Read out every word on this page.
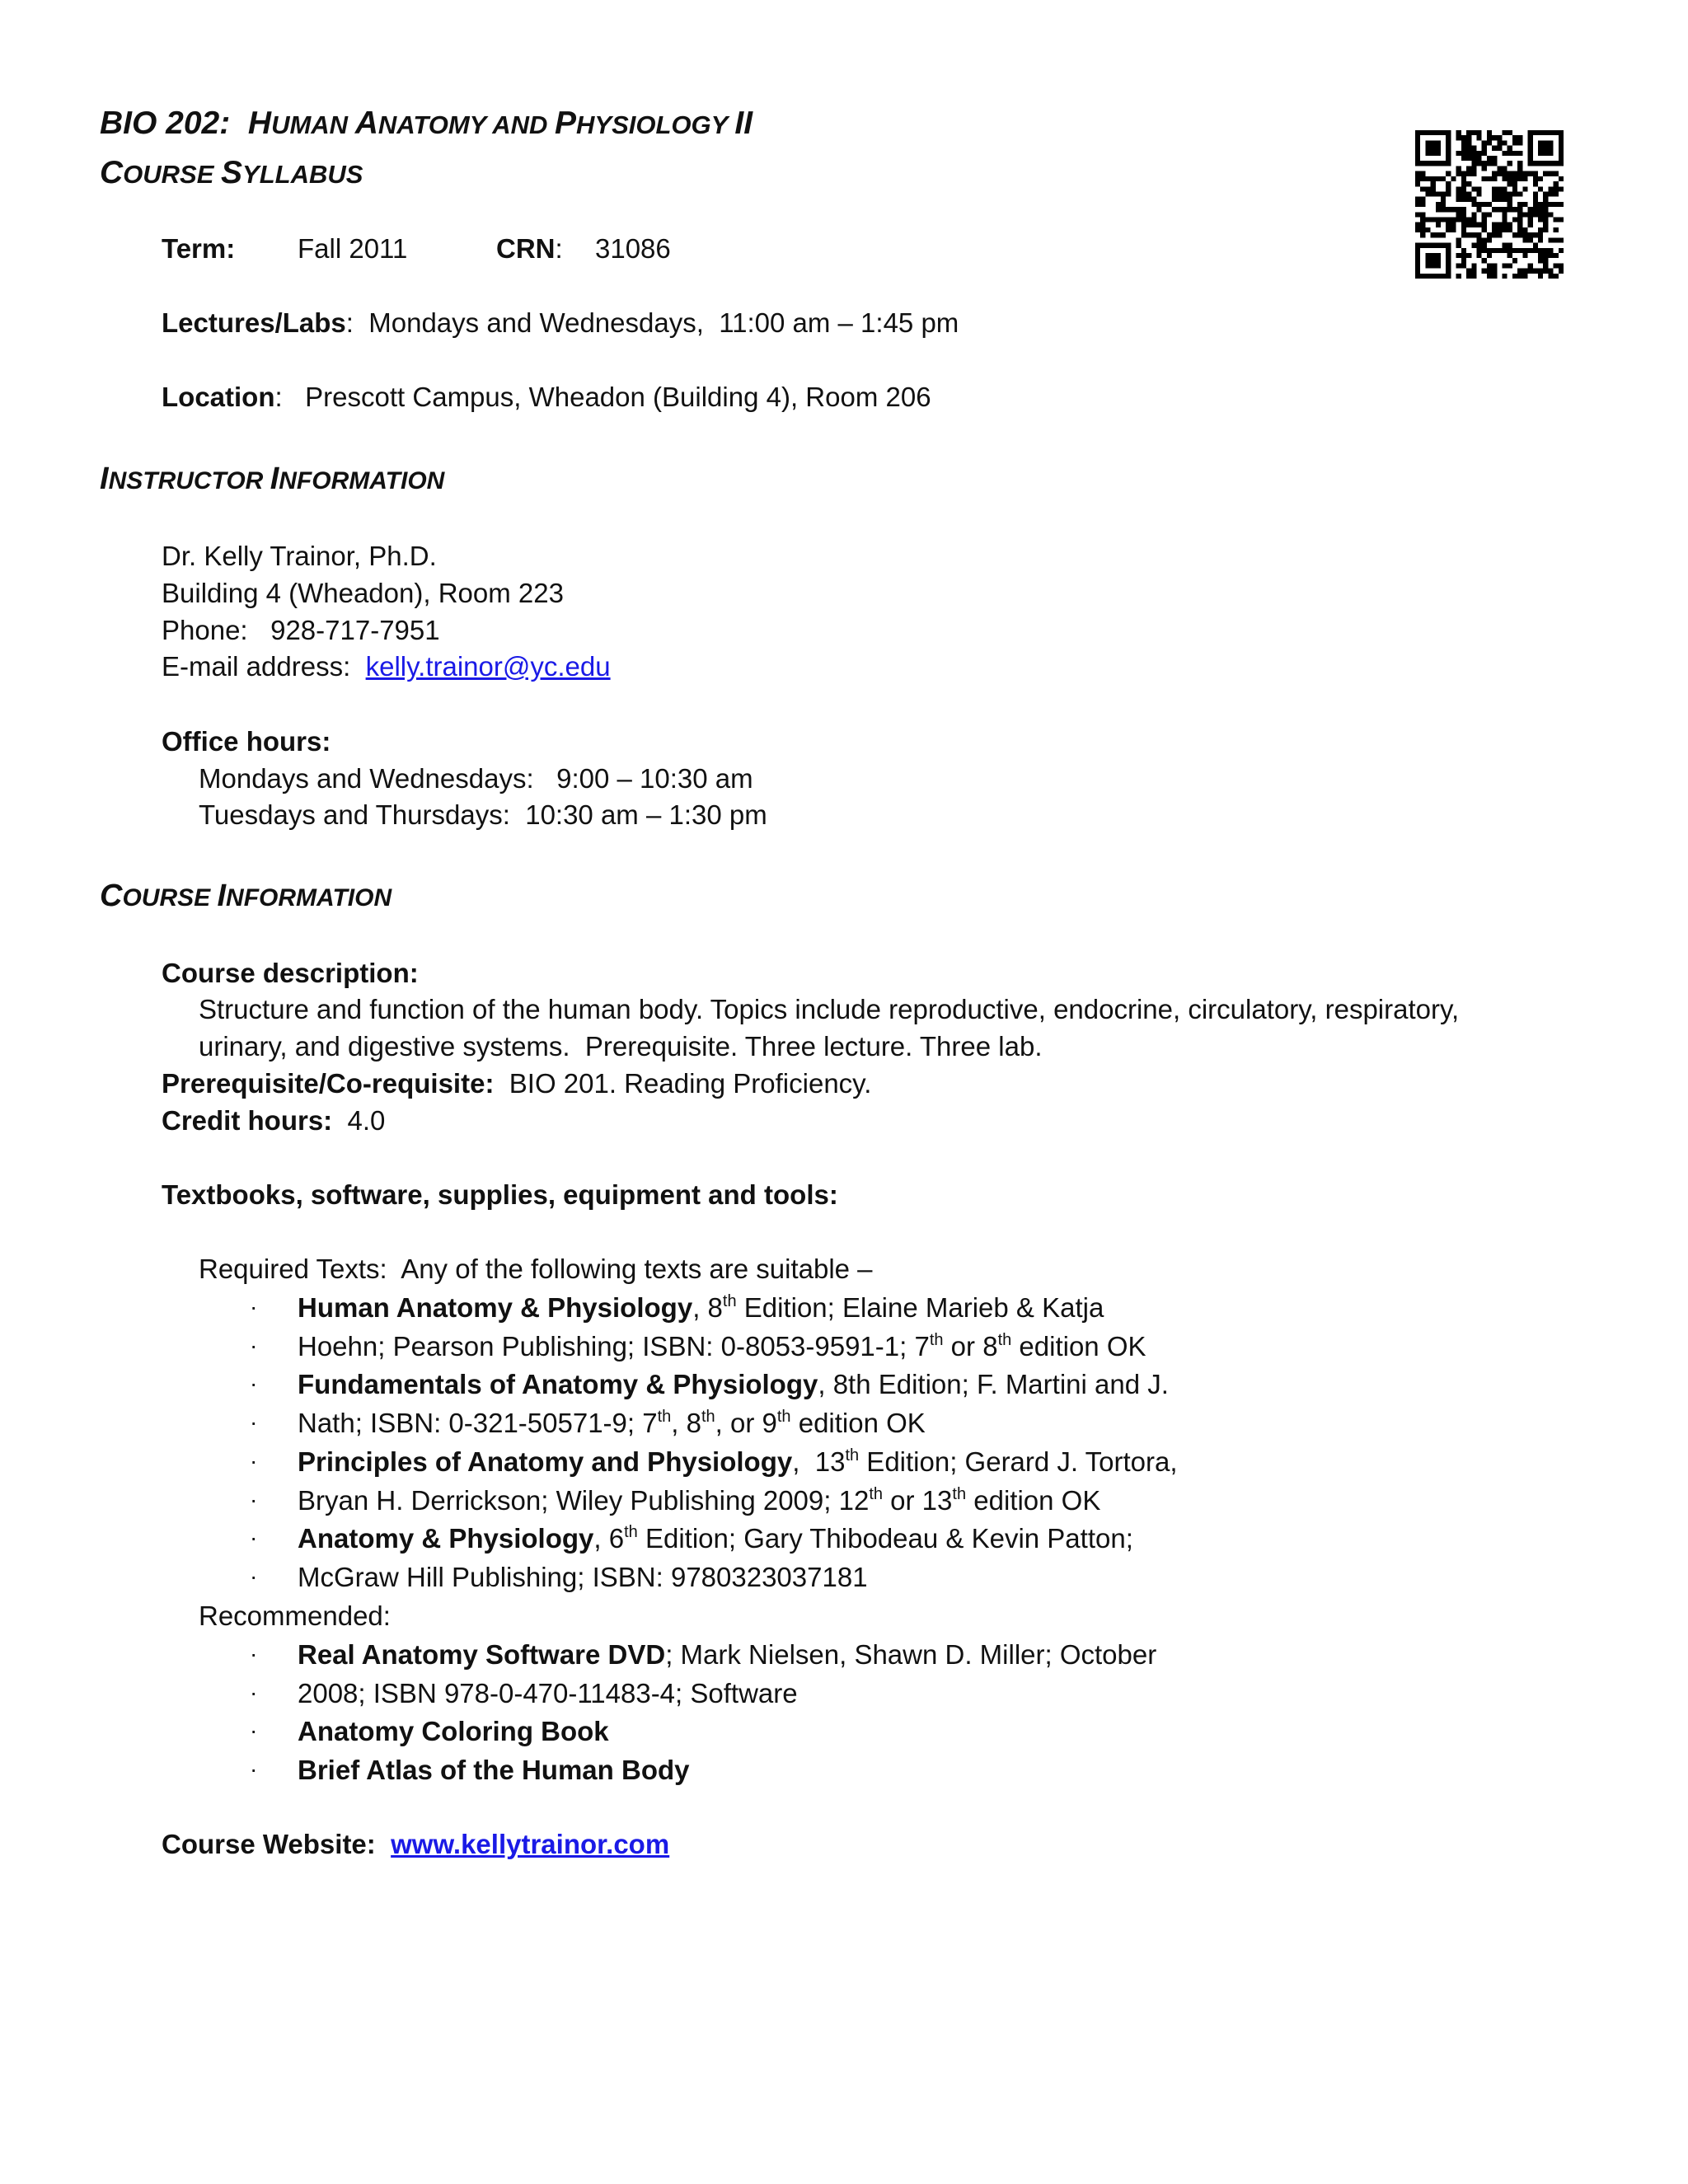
BIO 202: HUMAN ANATOMY AND PHYSIOLOGY II
COURSE SYLLABUS
Term: Fall 2011	CRN: 31086
Lectures/Labs:  Mondays and Wednesdays,  11:00 am – 1:45 pm
Location:   Prescott Campus, Wheadon (Building 4), Room 206
INSTRUCTOR INFORMATION
Dr. Kelly Trainor, Ph.D.
Building 4 (Wheadon), Room 223
Phone:   928-717-7951
E-mail address:  kelly.trainor@yc.edu
Office hours:
Mondays and Wednesdays:   9:00 – 10:30 am
Tuesdays and Thursdays:  10:30 am – 1:30 pm
COURSE INFORMATION
Course description:
Structure and function of the human body. Topics include reproductive, endocrine, circulatory, respiratory,
urinary, and digestive systems.  Prerequisite. Three lecture. Three lab.
Prerequisite/Co-requisite:  BIO 201. Reading Proficiency.
Credit hours:  4.0
Textbooks, software, supplies, equipment and tools:
Required Texts:  Any of the following texts are suitable –
· Human Anatomy & Physiology, 8th Edition; Elaine Marieb & Katja
· Hoehn; Pearson Publishing; ISBN: 0-8053-9591-1; 7th or 8th edition OK
· Fundamentals of Anatomy & Physiology, 8th Edition; F. Martini and J.
· Nath; ISBN: 0-321-50571-9; 7th, 8th, or 9th edition OK
· Principles of Anatomy and Physiology,  13th Edition; Gerard J. Tortora,
· Bryan H. Derrickson; Wiley Publishing 2009; 12th or 13th edition OK
· Anatomy & Physiology, 6th Edition; Gary Thibodeau & Kevin Patton;
· McGraw Hill Publishing; ISBN: 9780323037181
Recommended:
· Real Anatomy Software DVD; Mark Nielsen, Shawn D. Miller; October
· 2008; ISBN 978-0-470-11483-4; Software
· Anatomy Coloring Book
· Brief Atlas of the Human Body
Course Website:  www.kellytrainor.com
